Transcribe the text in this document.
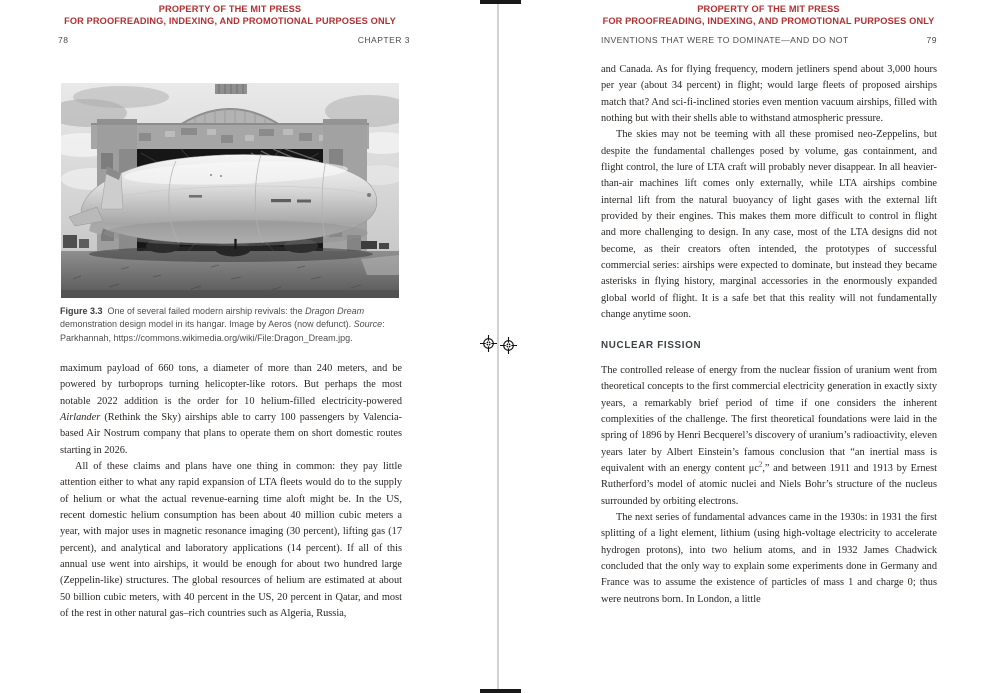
PROPERTY OF THE MIT PRESS
FOR PROOFREADING, INDEXING, AND PROMOTIONAL PURPOSES ONLY
78	CHAPTER 3

Figure 3.3  One of several failed modern airship revivals: the Dragon Dream demonstration design model in its hangar. Image by Aeros (now defunct). Source: Parkhannah, https://commons.wikimedia.org/wiki/File:Dragon_Dream.jpg.

maximum payload of 660 tons, a diameter of more than 240 meters, and be powered by turboprops turning helicopter-like rotors. But perhaps the most notable 2022 addition is the order for 10 helium-filled electricity-powered Airlander (Rethink the Sky) airships able to carry 100 passengers by Valencia-based Air Nostrum company that plans to operate them on short domestic routes starting in 2026.

All of these claims and plans have one thing in common: they pay little attention either to what any rapid expansion of LTA fleets would do to the supply of helium or what the actual revenue-earning time aloft might be. In the US, recent domestic helium consumption has been about 40 million cubic meters a year, with major uses in magnetic resonance imaging (30 percent), lifting gas (17 percent), and analytical and laboratory applications (14 percent). If all of this annual use went into airships, it would be enough for about two hundred large (Zeppelin-like) structures. The global resources of helium are estimated at about 50 billion cubic meters, with 40 percent in the US, 20 percent in Qatar, and most of the rest in other natural gas–rich countries such as Algeria, Russia,

PROPERTY OF THE MIT PRESS
FOR PROOFREADING, INDEXING, AND PROMOTIONAL PURPOSES ONLY
INVENTIONS THAT WERE TO DOMINATE—AND DO NOT	79

and Canada. As for flying frequency, modern jetliners spend about 3,000 hours per year (about 34 percent) in flight; would large fleets of proposed airships match that? And sci-fi-inclined stories even mention vacuum airships, filled with nothing but with their shells able to withstand atmospheric pressure.

The skies may not be teeming with all these promised neo-Zeppelins, but despite the fundamental challenges posed by volume, gas containment, and flight control, the lure of LTA craft will probably never disappear. In all heavier-than-air machines lift comes only externally, while LTA airships combine internal lift from the natural buoyancy of light gases with the external lift provided by their engines. This makes them more difficult to control in flight and more challenging to design. In any case, most of the LTA designs did not become, as their creators often intended, the prototypes of successful commercial series: airships were expected to dominate, but instead they became asterisks in flying history, marginal accessories in the enormously expanded global world of flight. It is a safe bet that this reality will not fundamentally change anytime soon.

NUCLEAR FISSION

The controlled release of energy from the nuclear fission of uranium went from theoretical concepts to the first commercial electricity generation in exactly sixty years, a remarkably brief period of time if one considers the inherent complexities of the challenge. The first theoretical foundations were laid in the spring of 1896 by Henri Becquerel’s discovery of uranium’s radioactivity, eleven years later by Albert Einstein’s famous conclusion that “an inertial mass is equivalent with an energy content $\mu c^2$,” and between 1911 and 1913 by Ernest Rutherford’s model of atomic nuclei and Niels Bohr’s structure of the nucleus surrounded by orbiting electrons.

The next series of fundamental advances came in the 1930s: in 1931 the first splitting of a light element, lithium (using high-voltage electricity to accelerate hydrogen protons), into two helium atoms, and in 1932 James Chadwick concluded that the only way to explain some experiments done in Germany and France was to assume the existence of particles of mass 1 and charge 0; thus were neutrons born. In London, a little
